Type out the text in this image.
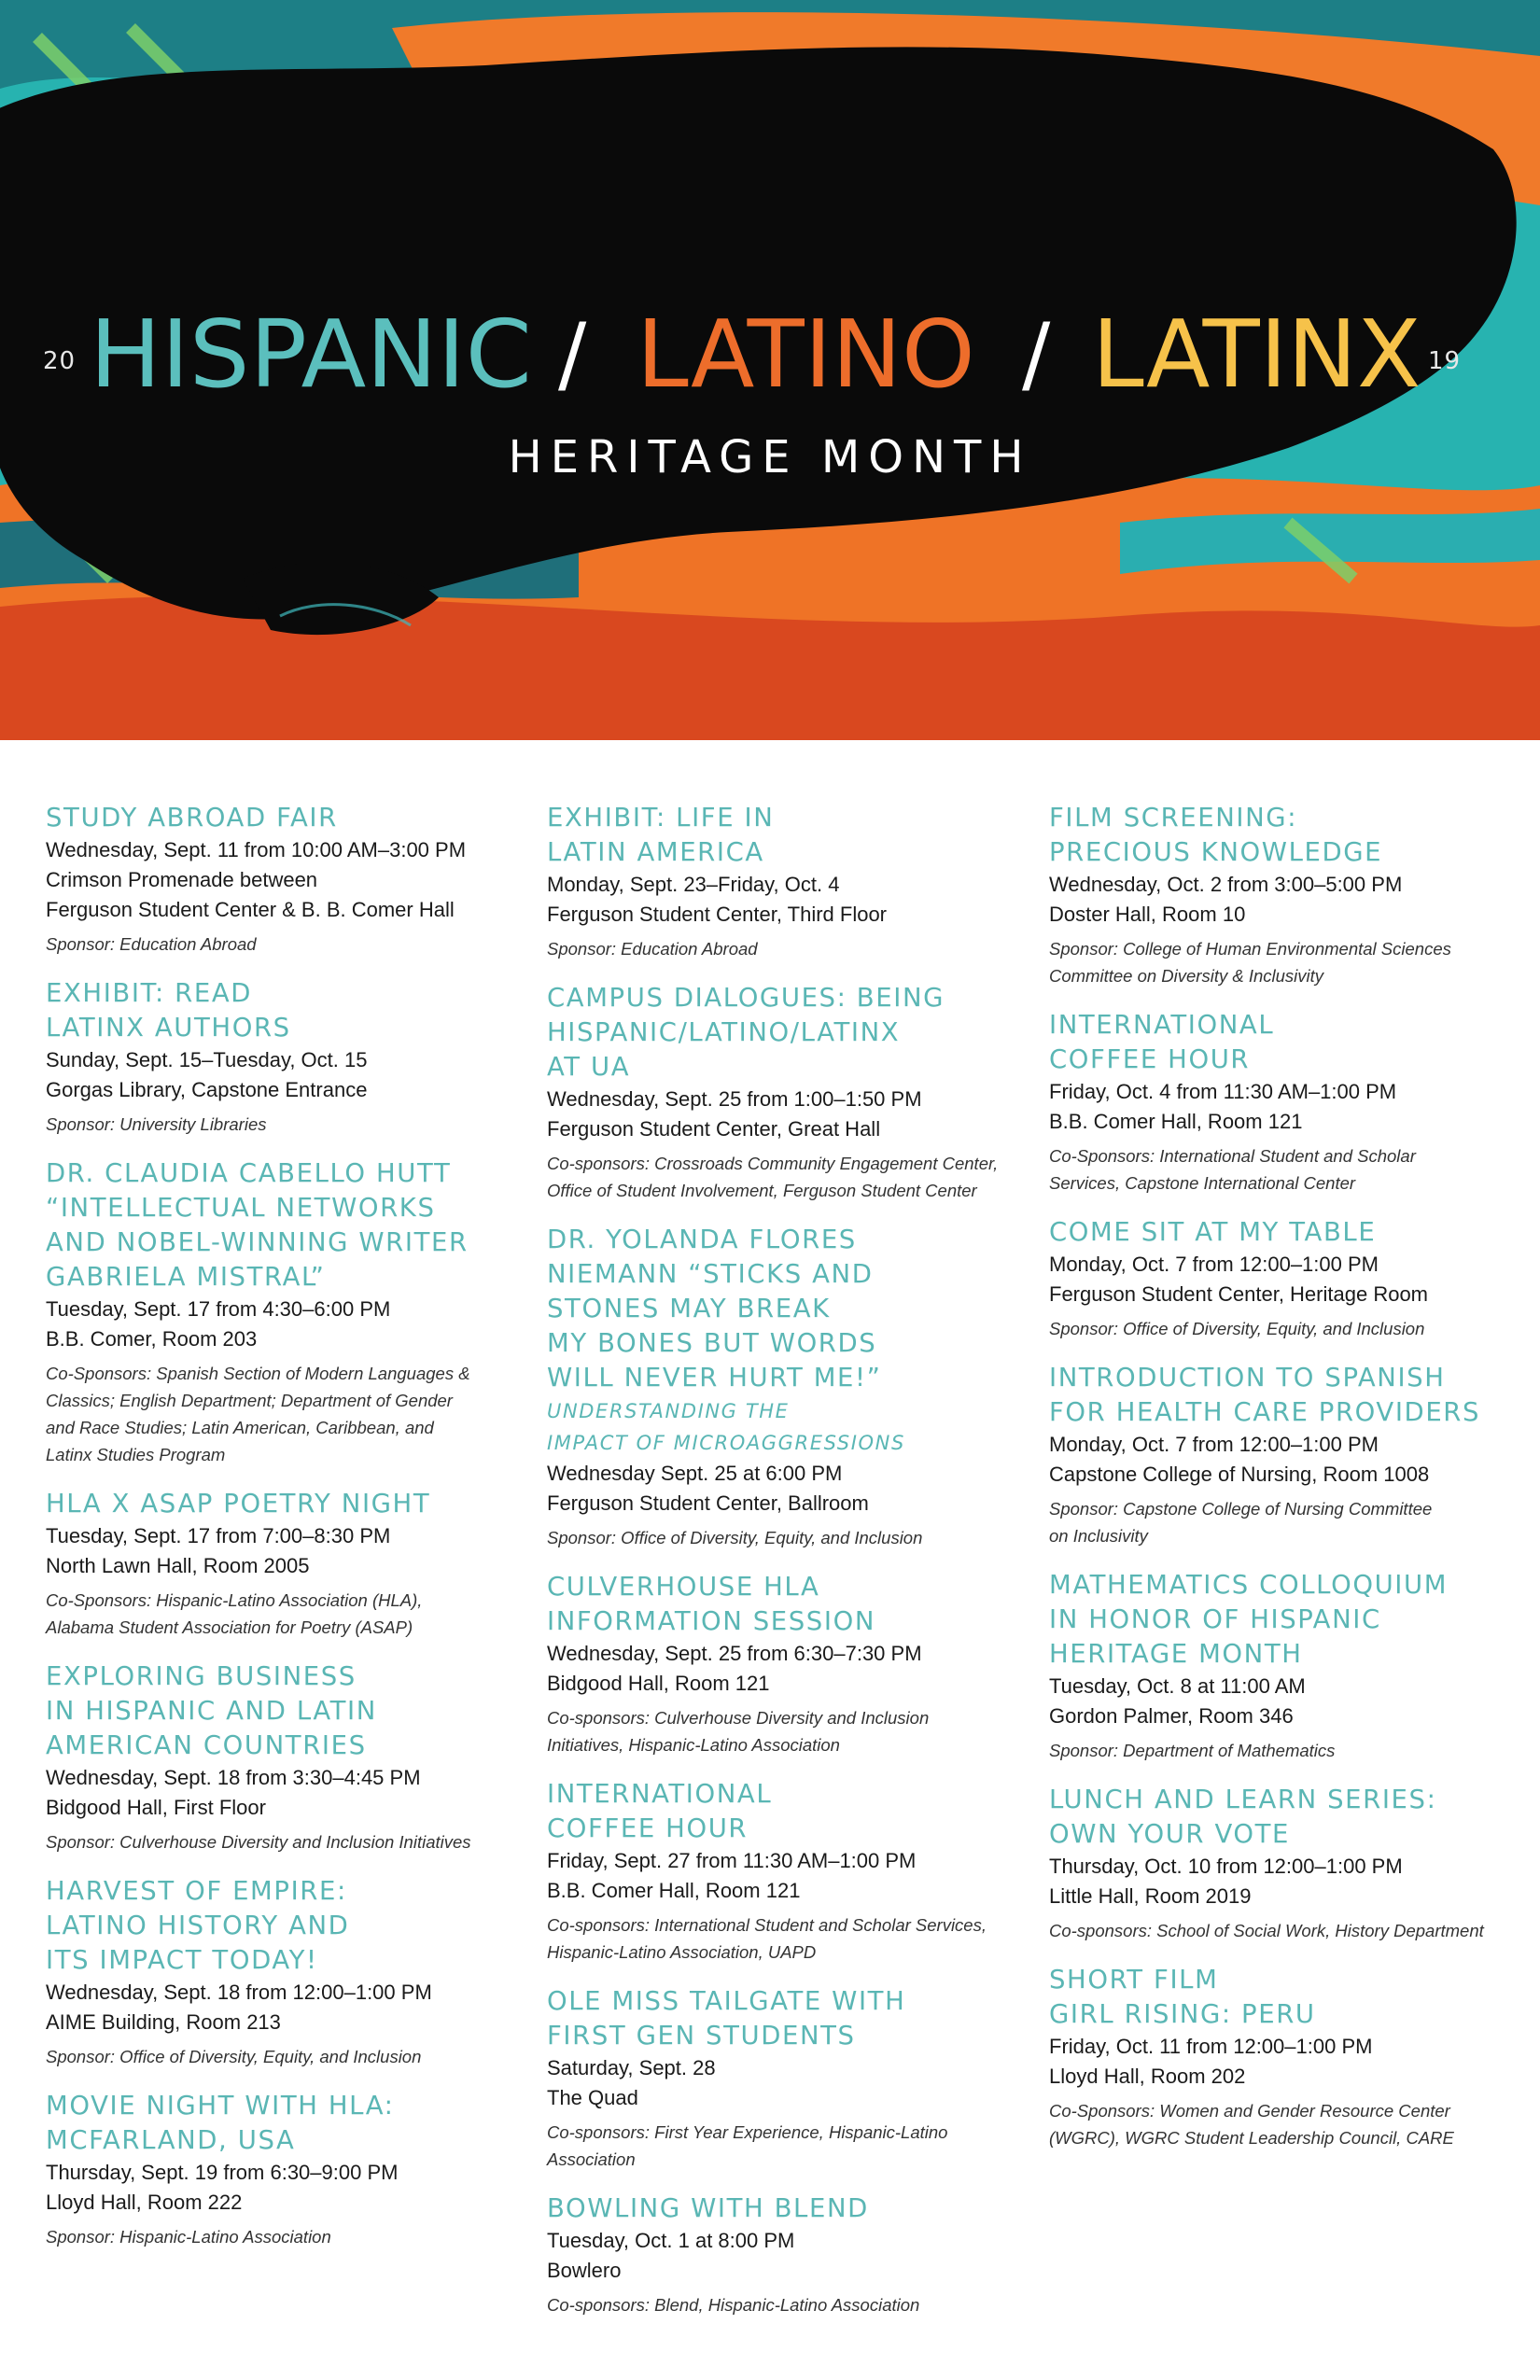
20 HISPANIC / LATINO / LATINX 19
HERITAGE MONTH
STUDY ABROAD FAIR
Wednesday, Sept. 11 from 10:00 AM–3:00 PM
Crimson Promenade between
Ferguson Student Center & B. B. Comer Hall
Sponsor: Education Abroad
EXHIBIT: READ
LATINX AUTHORS
Sunday, Sept. 15–Tuesday, Oct. 15
Gorgas Library, Capstone Entrance
Sponsor: University Libraries
DR. CLAUDIA CABELLO HUTT
“INTELLECTUAL NETWORKS
AND NOBEL-WINNING WRITER
GABRIELA MISTRAL”
Tuesday, Sept. 17 from 4:30–6:00 PM
B.B. Comer, Room 203
Co-Sponsors: Spanish Section of Modern Languages &
Classics; English Department; Department of Gender
and Race Studies; Latin American, Caribbean, and
Latinx Studies Program
HLA X ASAP POETRY NIGHT
Tuesday, Sept. 17 from 7:00–8:30 PM
North Lawn Hall, Room 2005
Co-Sponsors: Hispanic-Latino Association (HLA),
Alabama Student Association for Poetry (ASAP)
EXPLORING BUSINESS
IN HISPANIC AND LATIN
AMERICAN COUNTRIES
Wednesday, Sept. 18 from 3:30–4:45 PM
Bidgood Hall, First Floor
Sponsor: Culverhouse Diversity and Inclusion Initiatives
HARVEST OF EMPIRE:
LATINO HISTORY AND
ITS IMPACT TODAY!
Wednesday, Sept. 18 from 12:00–1:00 PM
AIME Building, Room 213
Sponsor: Office of Diversity, Equity, and Inclusion
MOVIE NIGHT WITH HLA:
MCFARLAND, USA
Thursday, Sept. 19 from 6:30–9:00 PM
Lloyd Hall, Room 222
Sponsor: Hispanic-Latino Association
EXHIBIT: LIFE IN
LATIN AMERICA
Monday, Sept. 23–Friday, Oct. 4
Ferguson Student Center, Third Floor
Sponsor: Education Abroad
CAMPUS DIALOGUES: BEING
HISPANIC/LATINO/LATINX
AT UA
Wednesday, Sept. 25 from 1:00–1:50 PM
Ferguson Student Center, Great Hall
Co-sponsors: Crossroads Community Engagement Center,
Office of Student Involvement, Ferguson Student Center
DR. YOLANDA FLORES
NIEMANN “STICKS AND
STONES MAY BREAK
MY BONES BUT WORDS
WILL NEVER HURT ME!”
UNDERSTANDING THE
IMPACT OF MICROAGGRESSIONS
Wednesday Sept. 25 at 6:00 PM
Ferguson Student Center, Ballroom
Sponsor: Office of Diversity, Equity, and Inclusion
CULVERHOUSE HLA
INFORMATION SESSION
Wednesday, Sept. 25 from 6:30–7:30 PM
Bidgood Hall, Room 121
Co-sponsors: Culverhouse Diversity and Inclusion
Initiatives, Hispanic-Latino Association
INTERNATIONAL
COFFEE HOUR
Friday, Sept. 27 from 11:30 AM–1:00 PM
B.B. Comer Hall, Room 121
Co-sponsors: International Student and Scholar Services,
Hispanic-Latino Association, UAPD
OLE MISS TAILGATE WITH
FIRST GEN STUDENTS
Saturday, Sept. 28
The Quad
Co-sponsors: First Year Experience, Hispanic-Latino
Association
BOWLING WITH BLEND
Tuesday, Oct. 1 at 8:00 PM
Bowlero
Co-sponsors: Blend, Hispanic-Latino Association
FILM SCREENING:
PRECIOUS KNOWLEDGE
Wednesday, Oct. 2 from 3:00–5:00 PM
Doster Hall, Room 10
Sponsor: College of Human Environmental Sciences
Committee on Diversity & Inclusivity
INTERNATIONAL
COFFEE HOUR
Friday, Oct. 4 from 11:30 AM–1:00 PM
B.B. Comer Hall, Room 121
Co-Sponsors: International Student and Scholar
Services, Capstone International Center
COME SIT AT MY TABLE
Monday, Oct. 7 from 12:00–1:00 PM
Ferguson Student Center, Heritage Room
Sponsor: Office of Diversity, Equity, and Inclusion
INTRODUCTION TO SPANISH
FOR HEALTH CARE PROVIDERS
Monday, Oct. 7 from 12:00–1:00 PM
Capstone College of Nursing, Room 1008
Sponsor: Capstone College of Nursing Committee
on Inclusivity
MATHEMATICS COLLOQUIUM
IN HONOR OF HISPANIC
HERITAGE MONTH
Tuesday, Oct. 8 at 11:00 AM
Gordon Palmer, Room 346
Sponsor: Department of Mathematics
LUNCH AND LEARN SERIES:
OWN YOUR VOTE
Thursday, Oct. 10 from 12:00–1:00 PM
Little Hall, Room 2019
Co-sponsors: School of Social Work, History Department
SHORT FILM
GIRL RISING: PERU
Friday, Oct. 11 from 12:00–1:00 PM
Lloyd Hall, Room 202
Co-Sponsors: Women and Gender Resource Center
(WGRC), WGRC Student Leadership Council, CARE
